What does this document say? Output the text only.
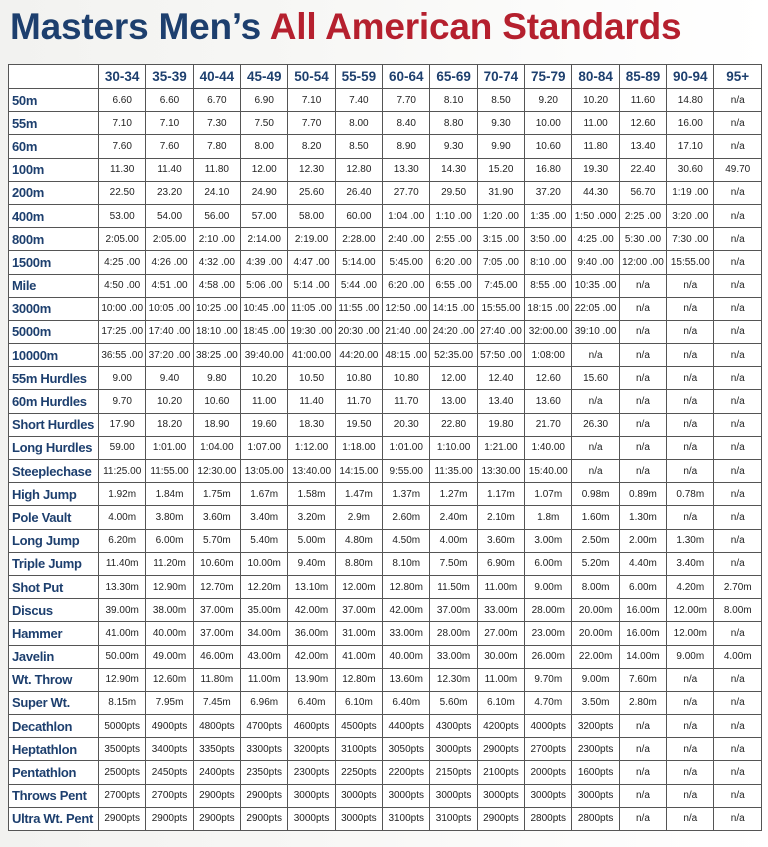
Masters Men’s All American Standards
	30-34	35-39	40-44	45-49	50-54	55-59	60-64	65-69	70-74	75-79	80-84	85-89	90-94	95+
50m	6.60	6.60	6.70	6.90	7.10	7.40	7.70	8.10	8.50	9.20	10.20	11.60	14.80	n/a
55m	7.10	7.10	7.30	7.50	7.70	8.00	8.40	8.80	9.30	10.00	11.00	12.60	16.00	n/a
60m	7.60	7.60	7.80	8.00	8.20	8.50	8.90	9.30	9.90	10.60	11.80	13.40	17.10	n/a
100m	11.30	11.40	11.80	12.00	12.30	12.80	13.30	14.30	15.20	16.80	19.30	22.40	30.60	49.70
200m	22.50	23.20	24.10	24.90	25.60	26.40	27.70	29.50	31.90	37.20	44.30	56.70	1:19 .00	n/a
400m	53.00	54.00	56.00	57.00	58.00	60.00	1:04 .00	1:10 .00	1:20 .00	1:35 .00	1:50 .000	2:25 .00	3:20 .00	n/a
800m	2:05.00	2:05.00	2:10 .00	2:14.00	2:19.00	2:28.00	2:40 .00	2:55 .00	3:15 .00	3:50 .00	4:25 .00	5:30 .00	7:30 .00	n/a
1500m	4:25 .00	4:26 .00	4:32 .00	4:39 .00	4:47 .00	5:14.00	5:45.00	6:20 .00	7:05 .00	8:10 .00	9:40 .00	12:00 .00	15:55.00	n/a
Mile	4:50 .00	4:51 .00	4:58 .00	5:06 .00	5:14 .00	5:44 .00	6:20 .00	6:55 .00	7:45.00	8:55 .00	10:35 .00	n/a	n/a	n/a
3000m	10:00 .00	10:05 .00	10:25 .00	10:45 .00	11:05 .00	11:55 .00	12:50 .00	14:15 .00	15:55.00	18:15 .00	22:05 .00	n/a	n/a	n/a
5000m	17:25 .00	17:40 .00	18:10 .00	18:45 .00	19:30 .00	20:30 .00	21:40 .00	24:20 .00	27:40 .00	32:00.00	39:10 .00	n/a	n/a	n/a
10000m	36:55 .00	37:20 .00	38:25 .00	39:40.00	41:00.00	44:20.00	48:15 .00	52:35.00	57:50 .00	1:08:00	n/a	n/a	n/a	n/a
55m Hurdles	9.00	9.40	9.80	10.20	10.50	10.80	10.80	12.00	12.40	12.60	15.60	n/a	n/a	n/a
60m Hurdles	9.70	10.20	10.60	11.00	11.40	11.70	11.70	13.00	13.40	13.60	n/a	n/a	n/a	n/a
Short Hurdles	17.90	18.20	18.90	19.60	18.30	19.50	20.30	22.80	19.80	21.70	26.30	n/a	n/a	n/a
Long Hurdles	59.00	1:01.00	1:04.00	1:07.00	1:12.00	1:18.00	1:01.00	1:10.00	1:21.00	1:40.00	n/a	n/a	n/a	n/a
Steeplechase	11:25.00	11:55.00	12:30.00	13:05.00	13:40.00	14:15.00	9:55.00	11:35.00	13:30.00	15:40.00	n/a	n/a	n/a	n/a
High Jump	1.92m	1.84m	1.75m	1.67m	1.58m	1.47m	1.37m	1.27m	1.17m	1.07m	0.98m	0.89m	0.78m	n/a
Pole Vault	4.00m	3.80m	3.60m	3.40m	3.20m	2.9m	2.60m	2.40m	2.10m	1.8m	1.60m	1.30m	n/a	n/a
Long Jump	6.20m	6.00m	5.70m	5.40m	5.00m	4.80m	4.50m	4.00m	3.60m	3.00m	2.50m	2.00m	1.30m	n/a
Triple Jump	11.40m	11.20m	10.60m	10.00m	9.40m	8.80m	8.10m	7.50m	6.90m	6.00m	5.20m	4.40m	3.40m	n/a
Shot Put	13.30m	12.90m	12.70m	12.20m	13.10m	12.00m	12.80m	11.50m	11.00m	9.00m	8.00m	6.00m	4.20m	2.70m
Discus	39.00m	38.00m	37.00m	35.00m	42.00m	37.00m	42.00m	37.00m	33.00m	28.00m	20.00m	16.00m	12.00m	8.00m
Hammer	41.00m	40.00m	37.00m	34.00m	36.00m	31.00m	33.00m	28.00m	27.00m	23.00m	20.00m	16.00m	12.00m	n/a
Javelin	50.00m	49.00m	46.00m	43.00m	42.00m	41.00m	40.00m	33.00m	30.00m	26.00m	22.00m	14.00m	9.00m	4.00m
Wt. Throw	12.90m	12.60m	11.80m	11.00m	13.90m	12.80m	13.60m	12.30m	11.00m	9.70m	9.00m	7.60m	n/a	n/a
Super Wt.	8.15m	7.95m	7.45m	6.96m	6.40m	6.10m	6.40m	5.60m	6.10m	4.70m	3.50m	2.80m	n/a	n/a
Decathlon	5000pts	4900pts	4800pts	4700pts	4600pts	4500pts	4400pts	4300pts	4200pts	4000pts	3200pts	n/a	n/a	n/a
Heptathlon	3500pts	3400pts	3350pts	3300pts	3200pts	3100pts	3050pts	3000pts	2900pts	2700pts	2300pts	n/a	n/a	n/a
Pentathlon	2500pts	2450pts	2400pts	2350pts	2300pts	2250pts	2200pts	2150pts	2100pts	2000pts	1600pts	n/a	n/a	n/a
Throws Pent	2700pts	2700pts	2900pts	2900pts	3000pts	3000pts	3000pts	3000pts	3000pts	3000pts	3000pts	n/a	n/a	n/a
Ultra Wt. Pent	2900pts	2900pts	2900pts	2900pts	3000pts	3000pts	3100pts	3100pts	2900pts	2800pts	2800pts	n/a	n/a	n/a
